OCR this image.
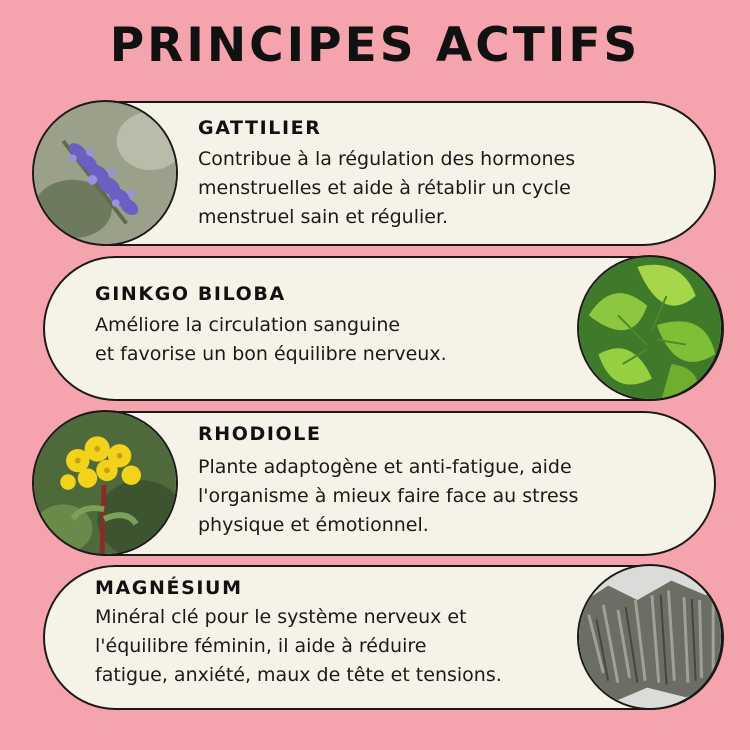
PRINCIPES ACTIFS

GATTILIER

Contribue à la régulation des hormones
menstruelles et aide à rétablir un cycle
menstruel sain et régulier.

GINKGO BILOBA

Améliore la circulation sanguine
et favorise un bon équilibre nerveux.

RHODIOLE

Plante adaptogène et anti-fatigue, aide
l'organisme à mieux faire face au stress
physique et émotionnel.

MAGNÉSIUM

Minéral clé pour le système nerveux et
l'équilibre féminin, il aide à réduire
fatigue, anxiété, maux de tête et tensions.
